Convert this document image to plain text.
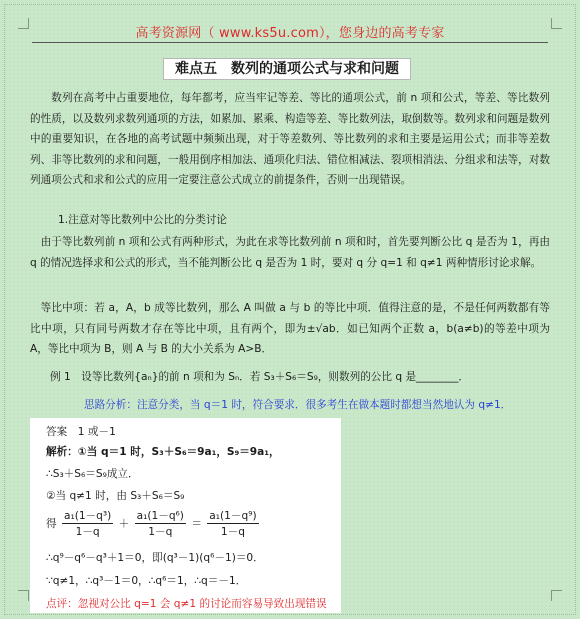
高考资源网（ www.ks5u.com），您身边的高考专家
难点五　数列的通项公式与求和问题
数列在高考中占重要地位，每年都考，应当牢记等差、等比的通项公式，前 n 项和公式，等差、等比数列的性质，以及数列求数列通项的方法，如累加、累乘、构造等差、等比数列法，取倒数等。数列求和问题是数列中的重要知识，在各地的高考试题中频频出现，对于等差数列、等比数列的求和主要是运用公式；而非等差数列、非等比数列的求和问题，一般用倒序相加法、通项化归法、错位相减法、裂项相消法、分组求和法等，对数列通项公式和求和公式的应用一定要注意公式成立的前提条件，否则一出现错误。
1.注意对等比数列中公比的分类讨论
由于等比数列前 n 项和公式有两种形式，为此在求等比数列前 n 项和时，首先要判断公比 q 是否为 1，再由 q 的情况选择求和公式的形式，当不能判断公比 q 是否为 1 时，要对 q 分 q=1 和 q≠1 两种情形讨论求解。
等比中项：若 a，A，b 成等比数列，那么 A 叫做 a 与 b 的等比中项．值得注意的是，不是任何两数都有等比中项，只有同号两数才存在等比中项，且有两个，即为±√ab．如已知两个正数 a，b(a≠b)的等差中项为 A，等比中项为 B，则 A 与 B 的大小关系为 A>B．
例 1　设等比数列{aₙ}的前 n 项和为 Sₙ．若 S₃＋S₆＝S₉，则数列的公比 q 是________．
思路分析：注意分类，当 q＝1 时，符合要求．很多考生在做本题时都想当然地认为 q≠1．
答案　1 或－1
解析：①当 q＝1 时，S₃＋S₆＝9a₁，S₉＝9a₁，
∴S₃＋S₆＝S₉成立．
②当 q≠1 时，由 S₃＋S₆＝S₉
得 $\frac{\text{a₁(1－q³)}}{1-q} + \frac{\text{a₁(1－q⁶)}}{1-q} = \frac{\text{a₁(1－q⁹)}}{1-q}$
∴q⁹－q⁶－q³＋1＝0，即(q³－1)(q⁶－1)＝0．
∵q≠1，∴q³－1＝0，∴q⁶＝1，∴q＝－1．
点评：忽视对公比 q=1 会 q≠1 的讨论而容易导致出现错误
